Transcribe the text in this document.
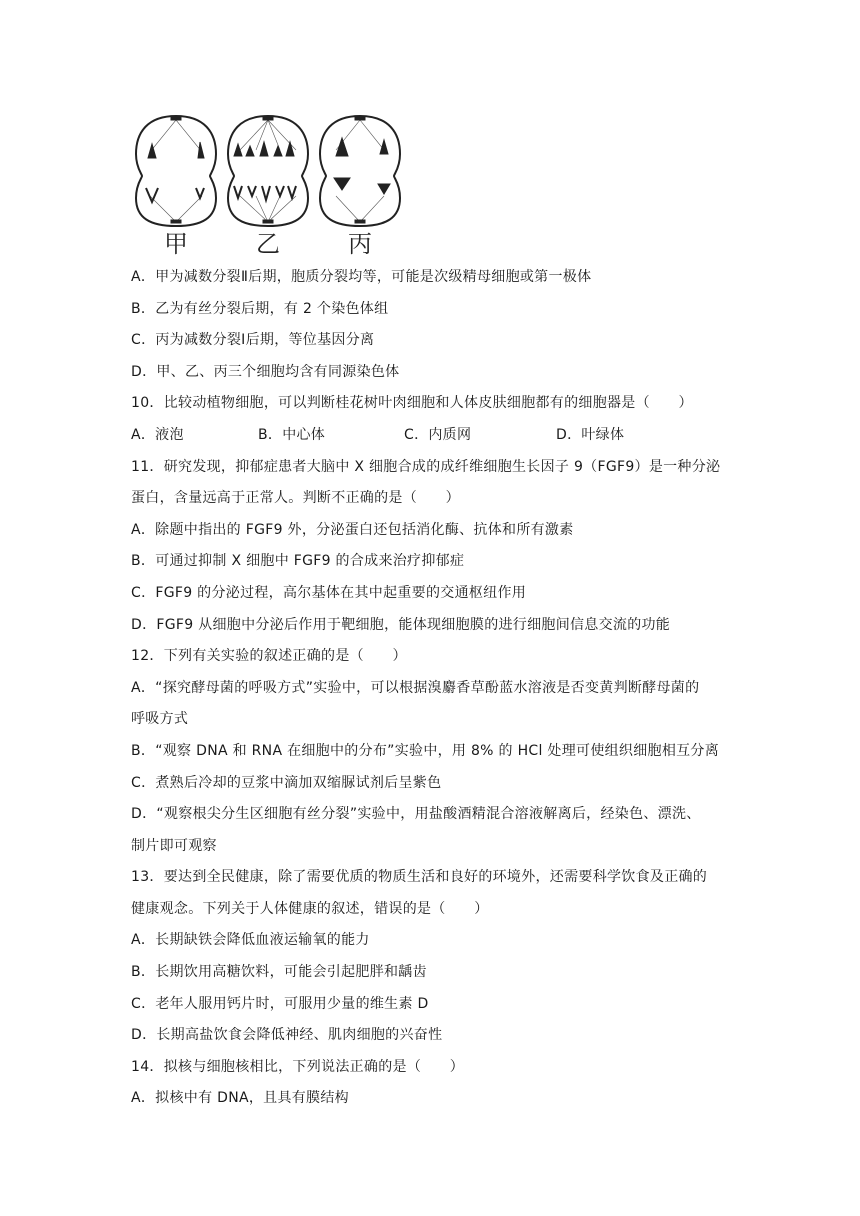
甲	乙	丙
A．甲为减数分裂Ⅱ后期，胞质分裂均等，可能是次级精母细胞或第一极体
B．乙为有丝分裂后期，有 2 个染色体组
C．丙为减数分裂Ⅰ后期，等位基因分离
D．甲、乙、丙三个细胞均含有同源染色体
10．比较动植物细胞，可以判断桂花树叶肉细胞和人体皮肤细胞都有的细胞器是（　　）
A．液泡	B．中心体	C．内质网	D．叶绿体
11．研究发现，抑郁症患者大脑中 X 细胞合成的成纤维细胞生长因子 9（FGF9）是一种分泌
蛋白，含量远高于正常人。判断不正确的是（　　）
A．除题中指出的 FGF9 外，分泌蛋白还包括消化酶、抗体和所有激素
B．可通过抑制 X 细胞中 FGF9 的合成来治疗抑郁症
C．FGF9 的分泌过程，高尔基体在其中起重要的交通枢纽作用
D．FGF9 从细胞中分泌后作用于靶细胞，能体现细胞膜的进行细胞间信息交流的功能
12．下列有关实验的叙述正确的是（　　）
A．“探究酵母菌的呼吸方式”实验中，可以根据溴麝香草酚蓝水溶液是否变黄判断酵母菌的
呼吸方式
B．“观察 DNA 和 RNA 在细胞中的分布”实验中，用 8% 的 HCl 处理可使组织细胞相互分离
C．煮熟后冷却的豆浆中滴加双缩脲试剂后呈紫色
D．“观察根尖分生区细胞有丝分裂”实验中，用盐酸酒精混合溶液解离后，经染色、漂洗、
制片即可观察
13．要达到全民健康，除了需要优质的物质生活和良好的环境外，还需要科学饮食及正确的
健康观念。下列关于人体健康的叙述，错误的是（　　）
A．长期缺铁会降低血液运输氧的能力
B．长期饮用高糖饮料，可能会引起肥胖和龋齿
C．老年人服用钙片时，可服用少量的维生素 D
D．长期高盐饮食会降低神经、肌肉细胞的兴奋性
14．拟核与细胞核相比，下列说法正确的是（　　）
A．拟核中有 DNA，且具有膜结构
